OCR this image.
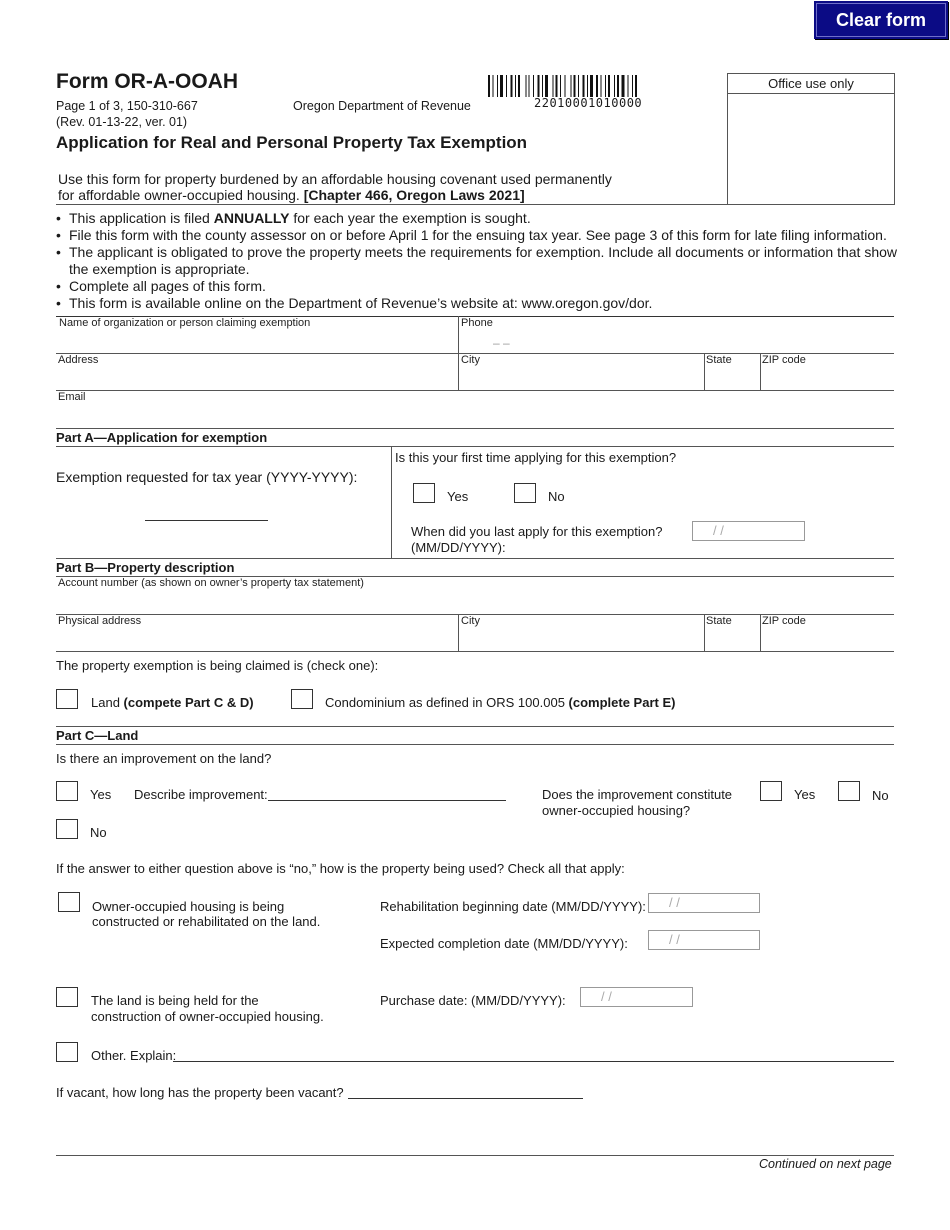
Clear form
Form OR-A-OOAH
Page 1 of 3, 150-310-667
(Rev. 01-13-22, ver. 01)
Oregon Department of Revenue	22010001010000
Office use only
Application for Real and Personal Property Tax Exemption
Use this form for property burdened by an affordable housing covenant used permanently
for affordable owner-occupied housing. [Chapter 466, Oregon Laws 2021]
• This application is filed ANNUALLY for each year the exemption is sought.
• File this form with the county assessor on or before April 1 for the ensuing tax year. See page 3 of this form for late filing information.
• The applicant is obligated to prove the property meets the requirements for exemption. Include all documents or information that show the exemption is appropriate.
• Complete all pages of this form.
• This form is available online on the Department of Revenue’s website at: www.oregon.gov/dor.
Name of organization or person claiming exemption	Phone
– –
Address	City	State	ZIP code
Email
Part A—Application for exemption
Exemption requested for tax year (YYYY-YYYY):
Is this your first time applying for this exemption?
Yes	No
When did you last apply for this exemption?
(MM/DD/YYYY):
/ /
Part B—Property description
Account number (as shown on owner’s property tax statement)
Physical address	City	State	ZIP code
The property exemption is being claimed is (check one):
Land (compete Part C & D)	Condominium as defined in ORS 100.005 (complete Part E)
Part C—Land
Is there an improvement on the land?
Yes Describe improvement:	Does the improvement constitute
owner-occupied housing?
Yes	No
No
If the answer to either question above is “no,” how is the property being used? Check all that apply:
Owner-occupied housing is being
constructed or rehabilitated on the land.
Rehabilitation beginning date (MM/DD/YYYY):	/ /
Expected completion date (MM/DD/YYYY):	/ /
The land is being held for the
construction of owner-occupied housing.
Purchase date: (MM/DD/YYYY):	/ /
Other. Explain:
If vacant, how long has the property been vacant?
Continued on next page
